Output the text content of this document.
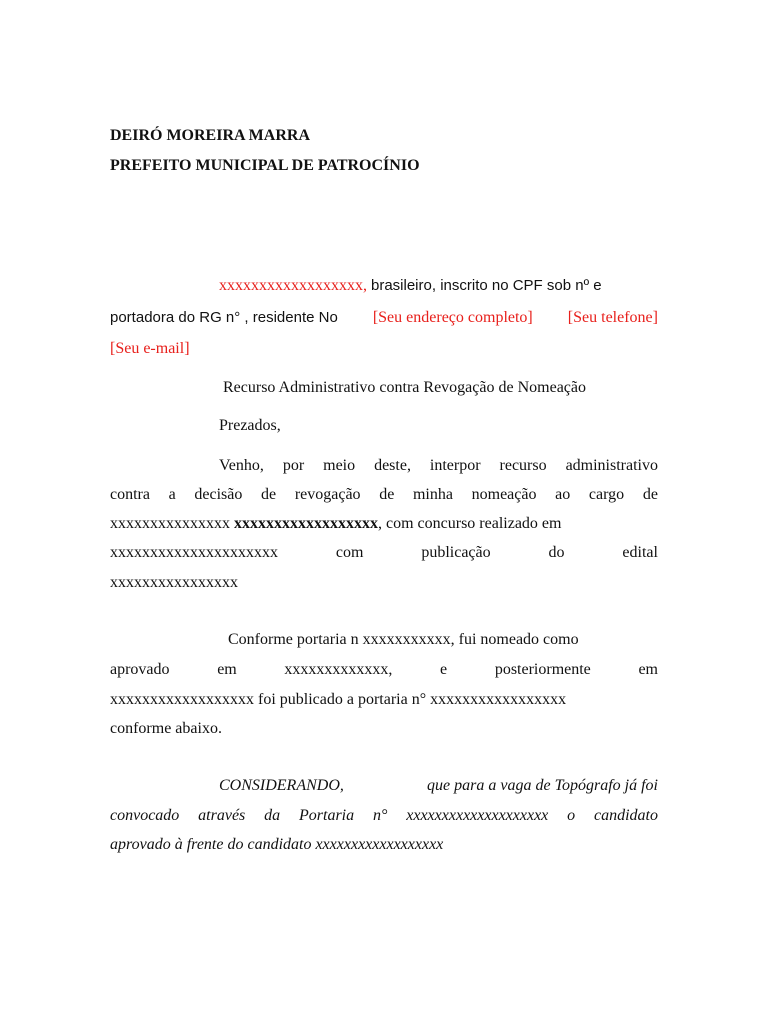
DEIRÓ MOREIRA MARRA
PREFEITO MUNICIPAL DE PATROCÍNIO
xxxxxxxxxxxxxxxxxx, brasileiro, inscrito no CPF sob nº e
portadora do RG n° , residente No [Seu endereço completo] [Seu telefone]
[Seu e-mail]
Recurso Administrativo contra Revogação de Nomeação
Prezados,
Venho, por meio deste, interpor recurso administrativo
contra a decisão de revogação de minha nomeação ao cargo de
xxxxxxxxxxxxxxx xxxxxxxxxxxxxxxxxx, com concurso realizado em
xxxxxxxxxxxxxxxxxxxxx	com	publicação	do	edital
xxxxxxxxxxxxxxxx
Conforme portaria n xxxxxxxxxxx, fui nomeado como
aprovado	em	xxxxxxxxxxxxx,	e	posteriormente	em
xxxxxxxxxxxxxxxxxx foi publicado a portaria n° xxxxxxxxxxxxxxxxx
conforme abaixo.
CONSIDERANDO,	que para a vaga de Topógrafo já foi
convocado através da Portaria n° xxxxxxxxxxxxxxxxxxxx o candidato
aprovado à frente do candidato xxxxxxxxxxxxxxxxxx
